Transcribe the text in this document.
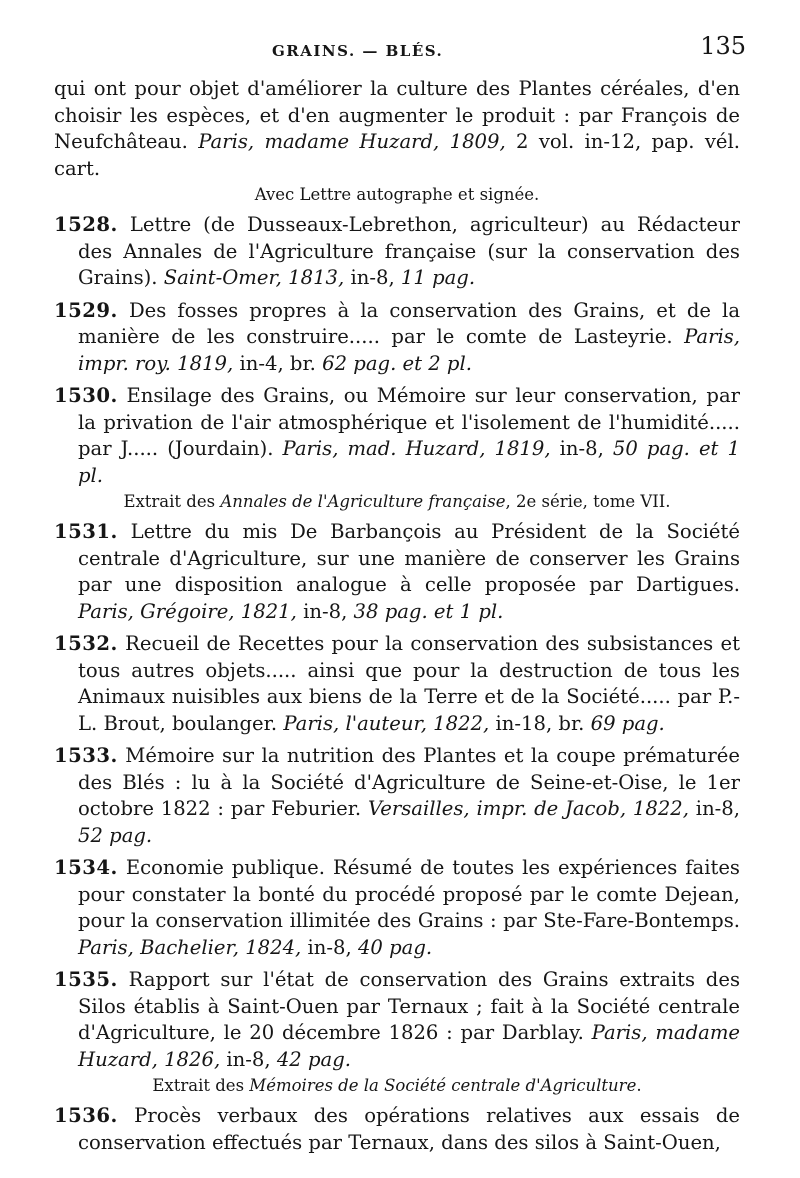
GRAINS. — BLÉS.	135

qui ont pour objet d'améliorer la culture des Plantes céréales, d'en choisir les espèces, et d'en augmenter le produit : par François de Neufchâteau. Paris, madame Huzard, 1809, 2 vol. in-12, pap. vél. cart.

Avec Lettre autographe et signée.

1528. Lettre (de Dusseaux-Lebrethon, agriculteur) au Rédacteur des Annales de l'Agriculture française (sur la conservation des Grains). Saint-Omer, 1813, in-8, 11 pag.

1529. Des fosses propres à la conservation des Grains, et de la manière de les construire..... par le comte de Lasteyrie. Paris, impr. roy. 1819, in-4, br. 62 pag. et 2 pl.

1530. Ensilage des Grains, ou Mémoire sur leur conservation, par la privation de l'air atmosphérique et l'isolement de l'humidité..... par J..... (Jourdain). Paris, mad. Huzard, 1819, in-8, 50 pag. et 1 pl.

Extrait des Annales de l'Agriculture française, 2e série, tome VII.

1531. Lettre du mis De Barbançois au Président de la Société centrale d'Agriculture, sur une manière de conserver les Grains par une disposition analogue à celle proposée par Dartigues. Paris, Grégoire, 1821, in-8, 38 pag. et 1 pl.

1532. Recueil de Recettes pour la conservation des subsistances et tous autres objets..... ainsi que pour la destruction de tous les Animaux nuisibles aux biens de la Terre et de la Société..... par P.-L. Brout, boulanger. Paris, l'auteur, 1822, in-18, br. 69 pag.

1533. Mémoire sur la nutrition des Plantes et la coupe prématurée des Blés : lu à la Société d'Agriculture de Seine-et-Oise, le 1er octobre 1822 : par Feburier. Versailles, impr. de Jacob, 1822, in-8, 52 pag.

1534. Economie publique. Résumé de toutes les expériences faites pour constater la bonté du procédé proposé par le comte Dejean, pour la conservation illimitée des Grains : par Ste-Fare-Bontemps. Paris, Bachelier, 1824, in-8, 40 pag.

1535. Rapport sur l'état de conservation des Grains extraits des Silos établis à Saint-Ouen par Ternaux ; fait à la Société centrale d'Agriculture, le 20 décembre 1826 : par Darblay. Paris, madame Huzard, 1826, in-8, 42 pag.

Extrait des Mémoires de la Société centrale d'Agriculture.

1536. Procès verbaux des opérations relatives aux essais de conservation effectués par Ternaux, dans des silos à Saint-Ouen,
